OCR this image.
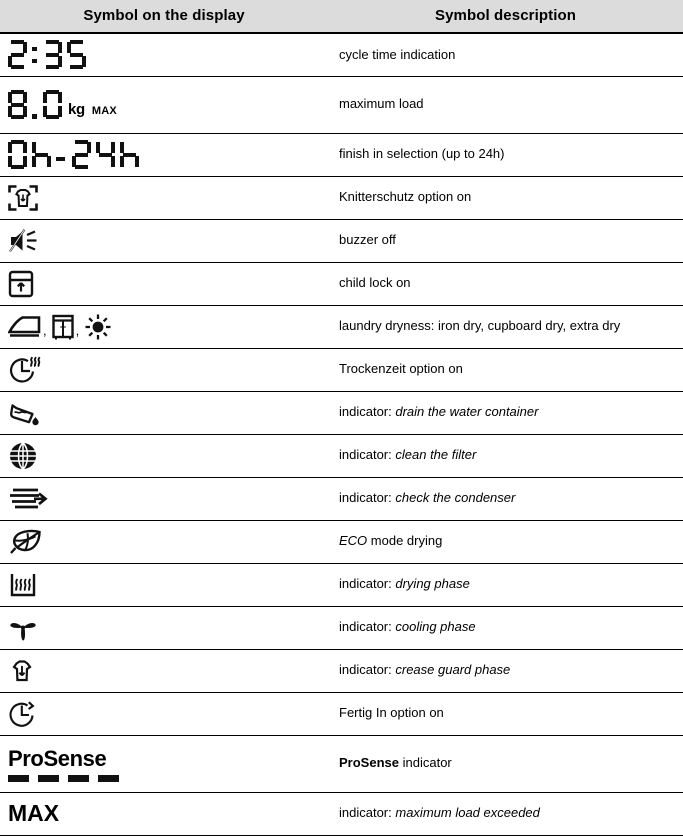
Symbol on the display	Symbol description

	cycle time indication

kg MAX	maximum load

	finish in selection (up to 24h)

	Knitterschutz option on

	buzzer off

	child lock on

, ,	laundry dryness: iron dry, cupboard dry, extra dry

	Trockenzeit option on

	indicator: drain the water container

	indicator: clean the filter

	indicator: check the condenser

	ECO mode drying

	indicator: drying phase

	indicator: cooling phase

	indicator: crease guard phase

	Fertig In option on

ProSense	ProSense indicator
MAX	indicator: maximum load exceeded
